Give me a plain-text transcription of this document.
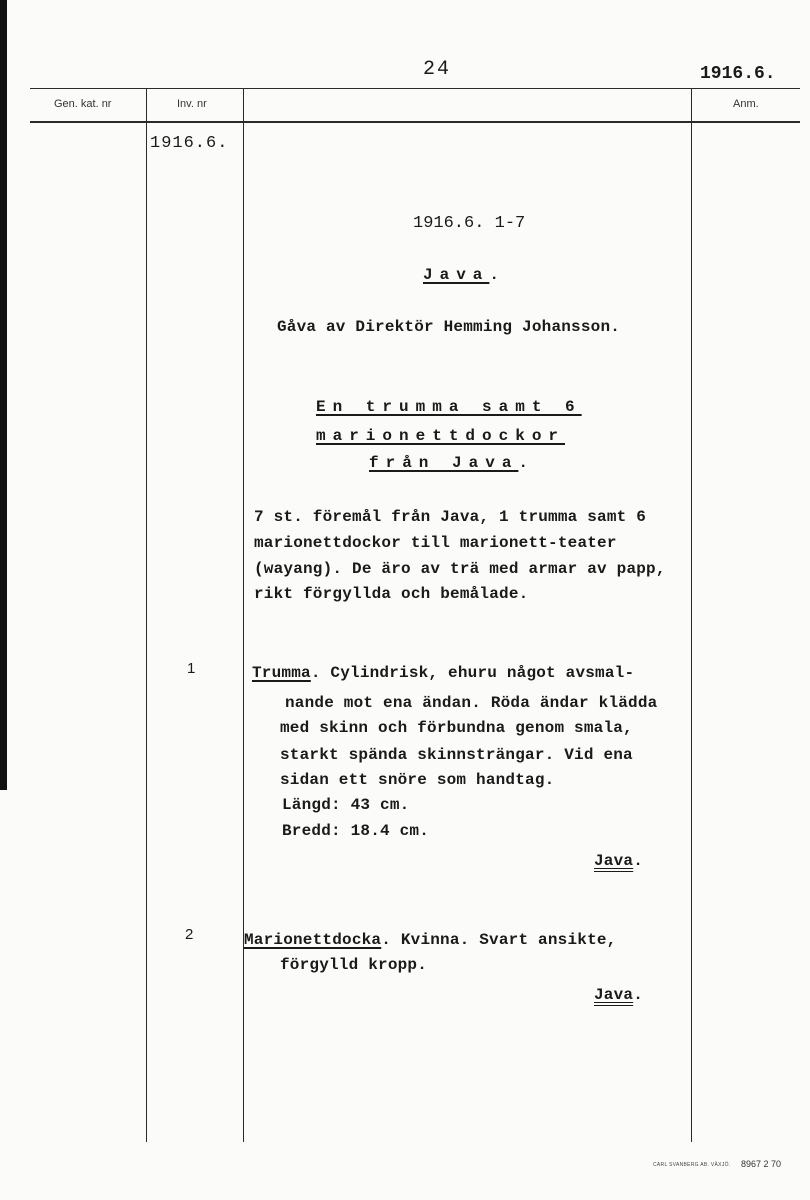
24	1916.6.
Gen. kat. nr	Inv. nr	Anm.
1916.6.
1
2
1916.6. 1-7
Java.
Gåva av Direktör Hemming Johansson.
En trumma samt 6
marionettdockor
från Java.
7 st. föremål från Java, 1 trumma samt 6
marionettdockor till marionett-teater
(wayang). De äro av trä med armar av papp,
rikt förgyllda och bemålade.
Trumma. Cylindrisk, ehuru något avsmal-
nande mot ena ändan. Röda ändar klädda
med skinn och förbundna genom smala,
starkt spända skinnsträngar. Vid ena
sidan ett snöre som handtag.
Längd: 43 cm.
Bredd: 18.4 cm.
Java.
Marionettdocka. Kvinna. Svart ansikte,
förgylld kropp.
Java.
CARL SVANBERG AB. VÄXJÖ. 8967 2 70
